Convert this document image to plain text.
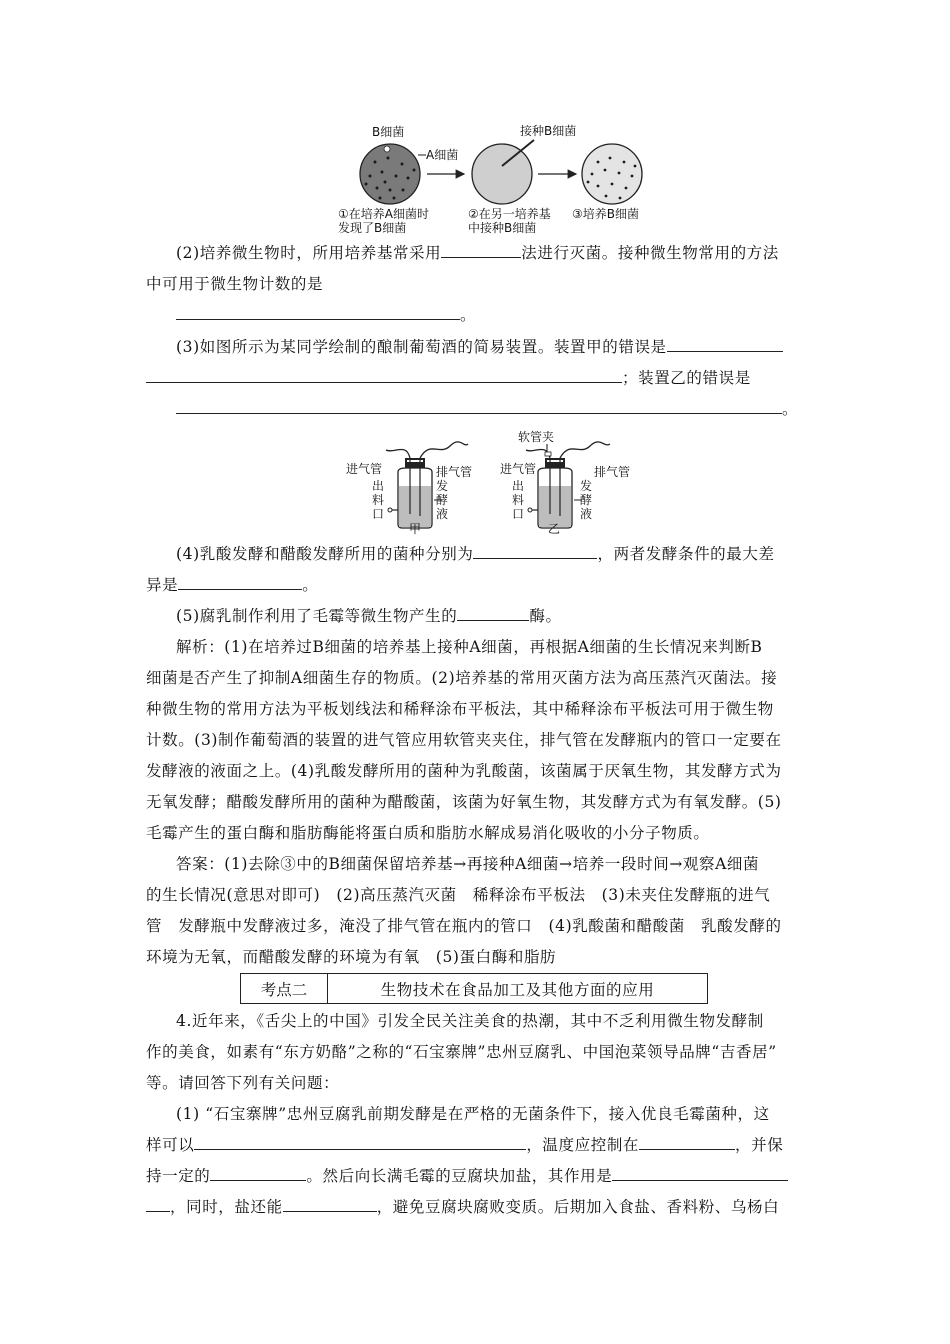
B细菌
A细菌
接种B细菌
①在培养A细菌时
发现了B细菌
②在另一培养基
中接种B细菌
③培养B细菌
(2)培养微生物时，所用培养基常采用	法进行灭菌。接种微生物常用的方法
中可用于微生物计数的是
。
(3)如图所示为某同学绘制的酿制葡萄酒的简易装置。装置甲的错误是
；装置乙的错误是
。
进气管	排气管
出
料
口
发
酵
液
甲
软管夹
进气管	排气管
出
料
口
发
酵
液
乙
(4)乳酸发酵和醋酸发酵所用的菌种分别为	，两者发酵条件的最大差
异是	。
(5)腐乳制作利用了毛霉等微生物产生的	酶。
解析：(1)在培养过B细菌的培养基上接种A细菌，再根据A细菌的生长情况来判断B
细菌是否产生了抑制A细菌生存的物质。(2)培养基的常用灭菌方法为高压蒸汽灭菌法。接
种微生物的常用方法为平板划线法和稀释涂布平板法，其中稀释涂布平板法可用于微生物
计数。(3)制作葡萄酒的装置的进气管应用软管夹夹住，排气管在发酵瓶内的管口一定要在
发酵液的液面之上。(4)乳酸发酵所用的菌种为乳酸菌，该菌属于厌氧生物，其发酵方式为
无氧发酵；醋酸发酵所用的菌种为醋酸菌，该菌为好氧生物，其发酵方式为有氧发酵。(5)
毛霉产生的蛋白酶和脂肪酶能将蛋白质和脂肪水解成易消化吸收的小分子物质。
答案：(1)去除③中的B细菌保留培养基→再接种A细菌→培养一段时间→观察A细菌
的生长情况(意思对即可)　(2)高压蒸汽灭菌　稀释涂布平板法　(3)未夹住发酵瓶的进气
管　发酵瓶中发酵液过多，淹没了排气管在瓶内的管口　(4)乳酸菌和醋酸菌　乳酸发酵的
环境为无氧，而醋酸发酵的环境为有氧　(5)蛋白酶和脂肪
考点二	生物技术在食品加工及其他方面的应用
4.近年来，《舌尖上的中国》引发全民关注美食的热潮，其中不乏利用微生物发酵制
作的美食，如素有“东方奶酪”之称的“石宝寨牌”忠州豆腐乳、中国泡菜领导品牌“吉香居”
等。请回答下列有关问题：
(1) “石宝寨牌”忠州豆腐乳前期发酵是在严格的无菌条件下，接入优良毛霉菌种，这
样可以	，温度应控制在	，并保
持一定的	。然后向长满毛霉的豆腐块加盐，其作用是
，同时，盐还能	，避免豆腐块腐败变质。后期加入食盐、香料粉、乌杨白
